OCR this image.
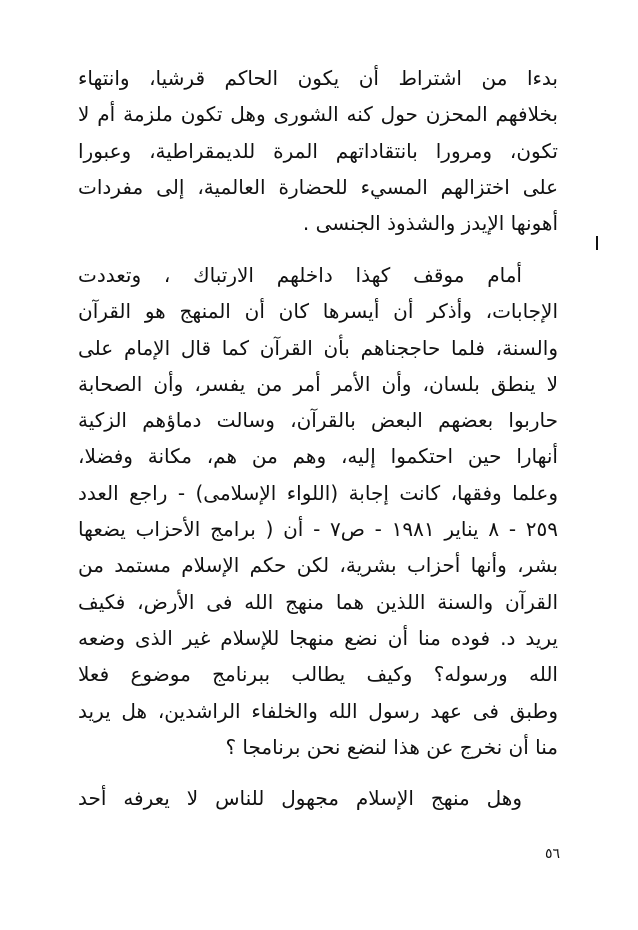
بدءا من اشتراط أن يكون الحاكم قرشيا، وانتهاء
بخلافهم المحزن حول كنه الشورى وهل تكون ملزمة أم لا
تكون، ومرورا بانتقاداتهم المرة للديمقراطية، وعبورا
على اختزالهم المسيء للحضارة العالمية، إلى مفردات
أهونها الإيدز والشذوذ الجنسى .
أمام موقف كهذا داخلهم الارتباك ، وتعددت
الإجابات، وأذكر أن أيسرها كان أن المنهج هو القرآن
والسنة، فلما حاججناهم بأن القرآن كما قال الإمام على
لا ينطق بلسان، وأن الأمر أمر من يفسر، وأن الصحابة
حاربوا بعضهم البعض بالقرآن، وسالت دماؤهم الزكية
أنهارا حين احتكموا إليه، وهم من هم، مكانة وفضلا،
وعلما وفقها، كانت إجابة (اللواء الإسلامى) - راجع العدد
٢٥٩ - ٨ يناير ١٩٨١ - ص٧ - أن ( برامج الأحزاب يضعها
بشر، وأنها أحزاب بشرية، لكن حكم الإسلام مستمد من
القرآن والسنة اللذين هما منهج الله فى الأرض، فكيف
يريد د. فوده منا أن نضع منهجا للإسلام غير الذى وضعه
الله ورسوله؟ وكيف يطالب ببرنامج موضوع فعلا
وطبق فى عهد رسول الله والخلفاء الراشدين، هل يريد
منا أن نخرج عن هذا لنضع نحن برنامجا ؟
وهل منهج الإسلام مجهول للناس لا يعرفه أحد
٥٦
